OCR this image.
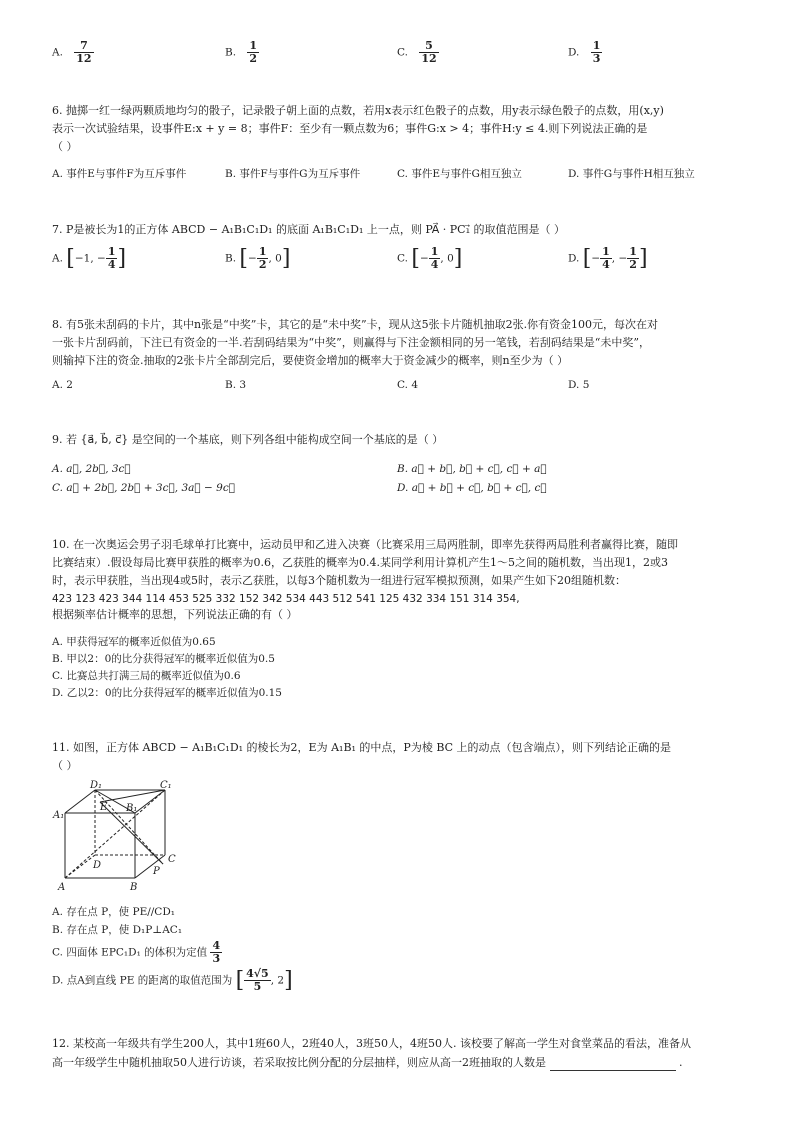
A. $\frac{7}{12}$	B. $\frac{1}{2}$	C. $\frac{5}{12}$	D. $\frac{1}{3}$
6. 抛掷一红一绿两颗质地均匀的骰子，记录骰子朝上面的点数，若用x表示红色骰子的点数，用y表示绿色骰子的点数，用(x,y)
表示一次试验结果，设事件E:x + y = 8；事件F：至少有一颗点数为6；事件G:x > 4；事件H:y ≤ 4.则下列说法正确的是
（ ）
A. 事件E与事件F为互斥事件	B. 事件F与事件G为互斥事件	C. 事件E与事件G相互独立	D. 事件G与事件H相互独立
7. P是被长为1的正方体 ABCD − A₁B₁C₁D₁ 的底面 A₁B₁C₁D₁ 上一点，则 PA⃗ · PC₁⃗ 的取值范围是（ ）
A. [−1, − $\frac{1}{4}$ ]	B. [− $\frac{1}{2}$ , 0]	C. [− $\frac{1}{4}$ , 0]	D. [− $\frac{1}{4}$ , − $\frac{1}{2}$ ]
8. 有5张未刮码的卡片，其中n张是“中奖”卡，其它的是“未中奖”卡，现从这5张卡片随机抽取2张.你有资金100元，每次在对
一张卡片刮码前，下注已有资金的一半.若刮码结果为“中奖”，则赢得与下注金额相同的另一笔钱，若刮码结果是“未中奖”，
则输掉下注的资金.抽取的2张卡片全部刮完后，要使资金增加的概率大于资金减少的概率，则n至少为（ ）
A. 2	B. 3	C. 4	D. 5
9. 若 {a⃗, b⃗, c⃗} 是空间的一个基底，则下列各组中能构成空间一个基底的是（ ）
A. a⃗, 2b⃗, 3c⃗	B. a⃗ + b⃗, b⃗ + c⃗, c⃗ + a⃗
C. a⃗ + 2b⃗, 2b⃗ + 3c⃗, 3a⃗ − 9c⃗	D. a⃗ + b⃗ + c⃗, b⃗ + c⃗, c⃗
10. 在一次奥运会男子羽毛球单打比赛中，运动员甲和乙进入决赛（比赛采用三局两胜制，即率先获得两局胜利者赢得比赛，随即
比赛结束）.假设每局比赛甲获胜的概率为0.6，乙获胜的概率为0.4.某同学利用计算机产生1～5之间的随机数，当出现1，2或3
时，表示甲获胜，当出现4或5时，表示乙获胜，以每3个随机数为一组进行冠军模拟预测，如果产生如下20组随机数：
423 123 423 344 114 453 525 332 152 342 534 443 512 541 125 432 334 151 314 354,
根据频率估计概率的思想，下列说法正确的有（ ）
A. 甲获得冠军的概率近似值为0.65
B. 甲以2：0的比分获得冠军的概率近似值为0.5
C. 比赛总共打满三局的概率近似值为0.6
D. 乙以2：0的比分获得冠军的概率近似值为0.15
11. 如图，正方体 ABCD − A₁B₁C₁D₁ 的棱长为2，E为 A₁B₁ 的中点，P为棱 BC 上的动点（包含端点），则下列结论正确的是
（ ）
D₁	C₁
A₁
B₁
E
D
C
A	B
P
A. 存在点 P，使 PE//CD₁
B. 存在点 P，使 D₁P⊥AC₁
C. 四面体 EPC₁D₁ 的体积为定值 $\frac{4}{3}$
D. 点A到直线 PE 的距离的取值范围为 [ $\frac{4√5}{5}$ , 2]
12. 某校高一年级共有学生200人，其中1班60人，2班40人，3班50人，4班50人. 该校要了解高一学生对食堂菜品的看法，准备从
高一年级学生中随机抽取50人进行访谈，若采取按比例分配的分层抽样，则应从高一2班抽取的人数是	.
